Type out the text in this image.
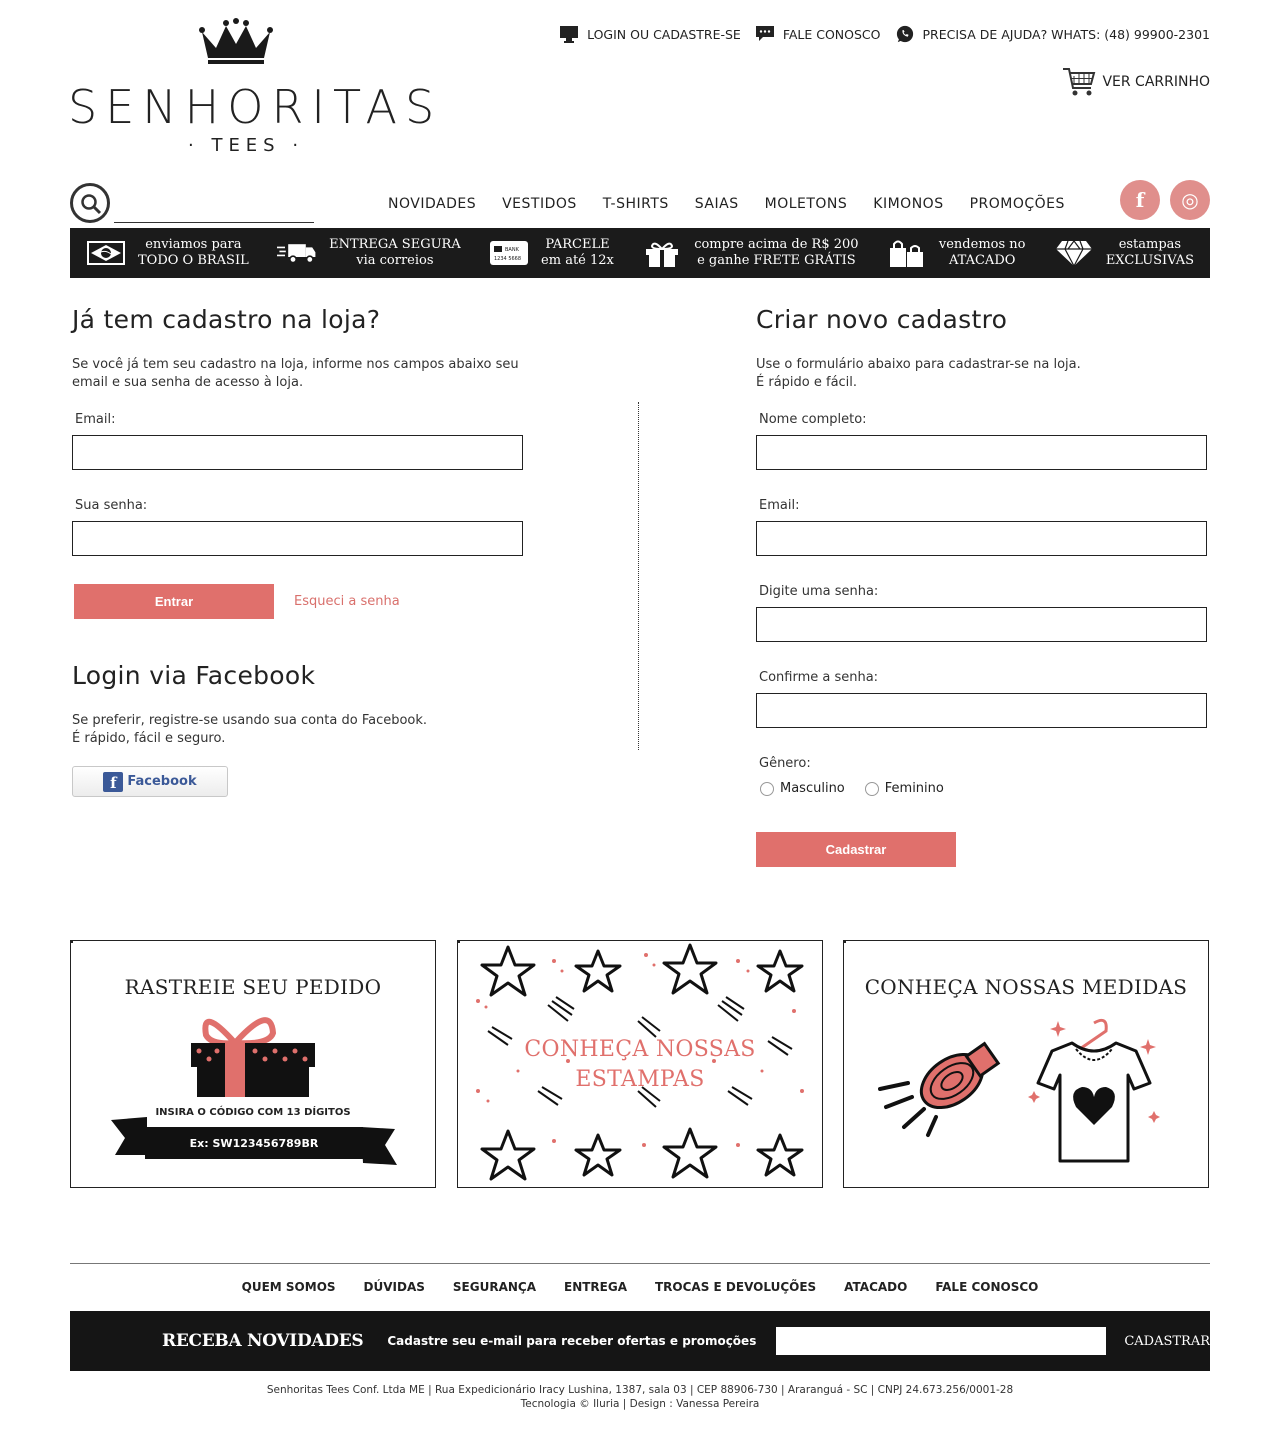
SENHORITAS
· TEES ·
LOGIN OU CADASTRE-SE	FALE CONOSCO	PRECISA DE AJUDA? WHATS: (48) 99900-2301
VER CARRINHO
NOVIDADES	VESTIDOS	T-SHIRTS	SAIAS	MOLETONS	KIMONOS	PROMOÇÕES	f	◎
enviamos para
TODO O BRASIL
ENTREGA SEGURA
via correios
BANK
1234 5668
PARCELE
em até 12x
compre acima de R$ 200
e ganhe FRETE GRÁTIS
vendemos no
ATACADO
estampas
EXCLUSIVAS
Já tem cadastro na loja?

Se você já tem seu cadastro na loja, informe nos campos abaixo seu
email e sua senha de acesso à loja.

Email:
Sua senha:
Entrar	Esqueci a senha
Login via Facebook

Se preferir, registre-se usando sua conta do Facebook.
É rápido, fácil e seguro.

f Facebook
Criar novo cadastro

Use o formulário abaixo para cadastrar-se na loja.
É rápido e fácil.

Nome completo:
Email:
Digite uma senha:
Confirme a senha:
Gênero:
Masculino	Feminino
Cadastrar
RASTREIE SEU PEDIDO
INSIRA O CÓDIGO COM 13 DÍGITOS
Ex: SW123456789BR
CONHEÇA NOSSAS
ESTAMPAS
CONHEÇA NOSSAS MEDIDAS
QUEM SOMOS DÚVIDAS SEGURANÇA ENTREGA TROCAS E DEVOLUÇÕES ATACADO FALE CONOSCO
RECEBA NOVIDADES Cadastre seu e-mail para receber ofertas e promoções	CADASTRAR
Senhoritas Tees Conf. Ltda ME | Rua Expedicionário Iracy Lushina, 1387, sala 03 | CEP 88906-730 | Araranguá - SC | CNPJ 24.673.256/0001-28
Tecnologia © Iluria | Design : Vanessa Pereira
